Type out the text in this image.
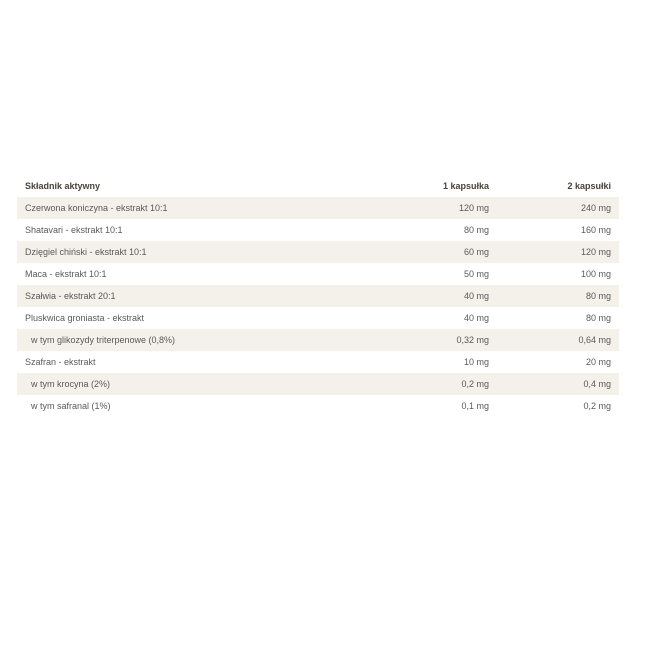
Składnik aktywny	1 kapsułka	2 kapsułki
Czerwona koniczyna - ekstrakt 10:1	120 mg	240 mg
Shatavari - ekstrakt 10:1	80 mg	160 mg
Dzięgiel chiński - ekstrakt 10:1	60 mg	120 mg
Maca - ekstrakt 10:1	50 mg	100 mg
Szałwia - ekstrakt 20:1	40 mg	80 mg
Pluskwica groniasta - ekstrakt	40 mg	80 mg
w tym glikozydy triterpenowe (0,8%)	0,32 mg	0,64 mg
Szafran - ekstrakt	10 mg	20 mg
w tym krocyna (2%)	0,2 mg	0,4 mg
w tym safranal (1%)	0,1 mg	0,2 mg
